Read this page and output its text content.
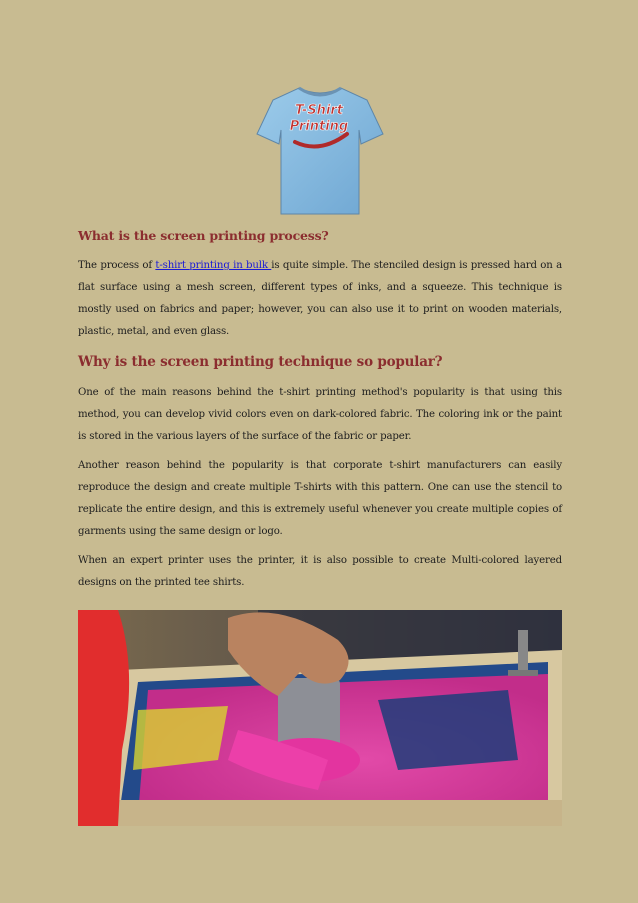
T-Shirt
Printing
What is the screen printing process?

The process of t-shirt printing in bulk is quite simple. The stenciled design is pressed hard on a flat surface using a mesh screen, different types of inks, and a squeeze. This technique is mostly used on fabrics and paper; however, you can also use it to print on wooden materials, plastic, metal, and even glass.

Why is the screen printing technique so popular?

One of the main reasons behind the t-shirt printing method's popularity is that using this method, you can develop vivid colors even on dark-colored fabric. The coloring ink or the paint is stored in the various layers of the surface of the fabric or paper.

Another reason behind the popularity is that corporate t-shirt manufacturers can easily reproduce the design and create multiple T-shirts with this pattern. One can use the stencil to replicate the entire design, and this is extremely useful whenever you create multiple copies of garments using the same design or logo.

When an expert printer uses the printer, it is also possible to create Multi-colored layered designs on the printed tee shirts.
